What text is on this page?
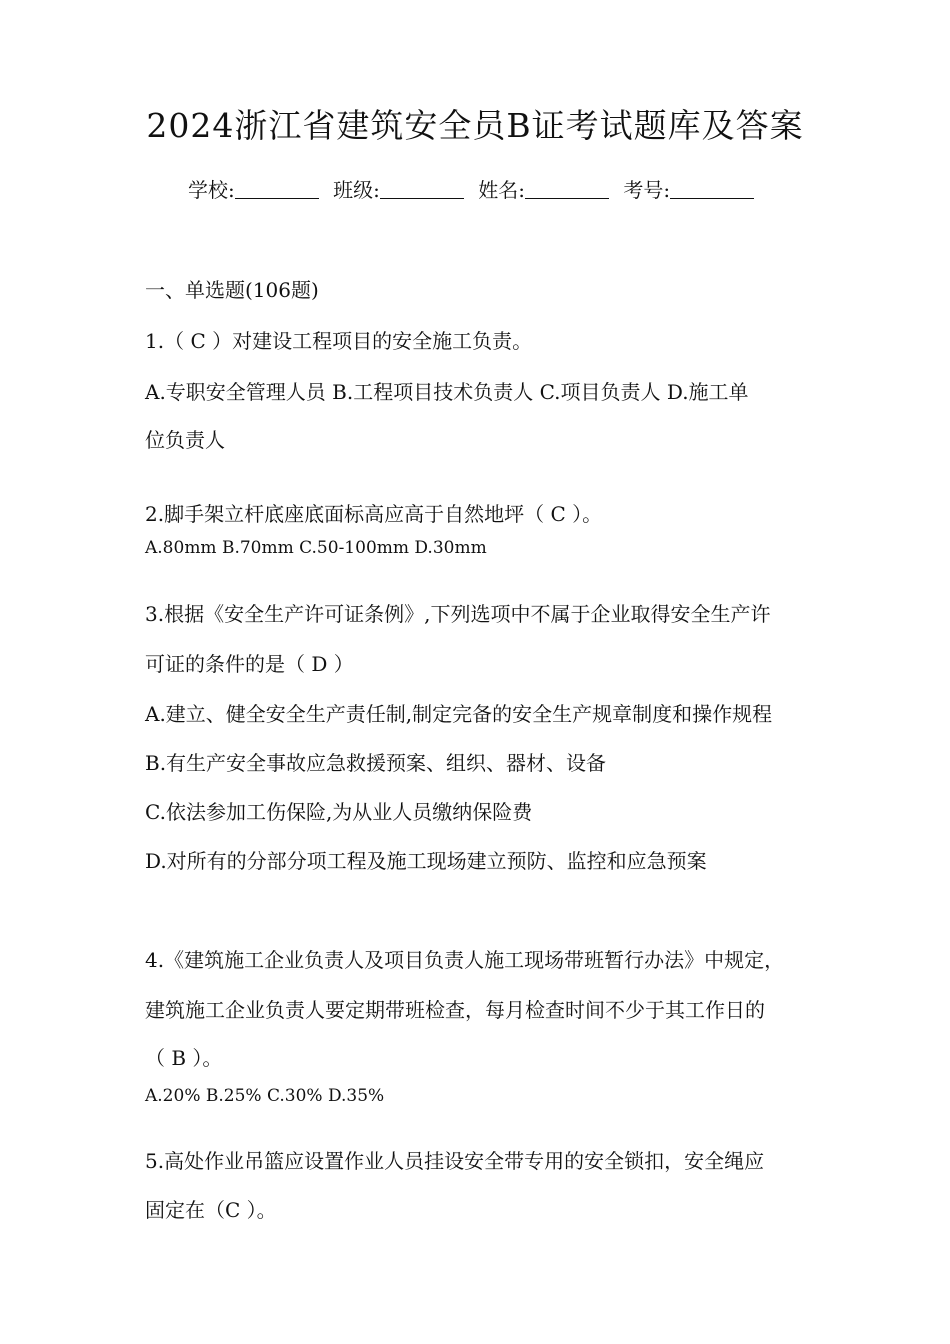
2024浙江省建筑安全员B证考试题库及答案
学校:	班级:	姓名:	考号:
一、单选题(106题)
1.（ C ）对建设工程项目的安全施工负责。
A.专职安全管理人员 B.工程项目技术负责人 C.项目负责人 D.施工单
位负责人
2.脚手架立杆底座底面标高应高于自然地坪（ C ）。
A.80mm B.70mm C.50-100mm D.30mm
3.根据《安全生产许可证条例》,下列选项中不属于企业取得安全生产许
可证的条件的是（ D ）
A.建立、健全安全生产责任制,制定完备的安全生产规章制度和操作规程
B.有生产安全事故应急救援预案、组织、器材、设备
C.依法参加工伤保险,为从业人员缴纳保险费
D.对所有的分部分项工程及施工现场建立预防、监控和应急预案
4.《建筑施工企业负责人及项目负责人施工现场带班暂行办法》中规定，
建筑施工企业负责人要定期带班检查，每月检查时间不少于其工作日的
（ B ）。
A.20% B.25% C.30% D.35%
5.高处作业吊篮应设置作业人员挂设安全带专用的安全锁扣，安全绳应
固定在（C ）。
